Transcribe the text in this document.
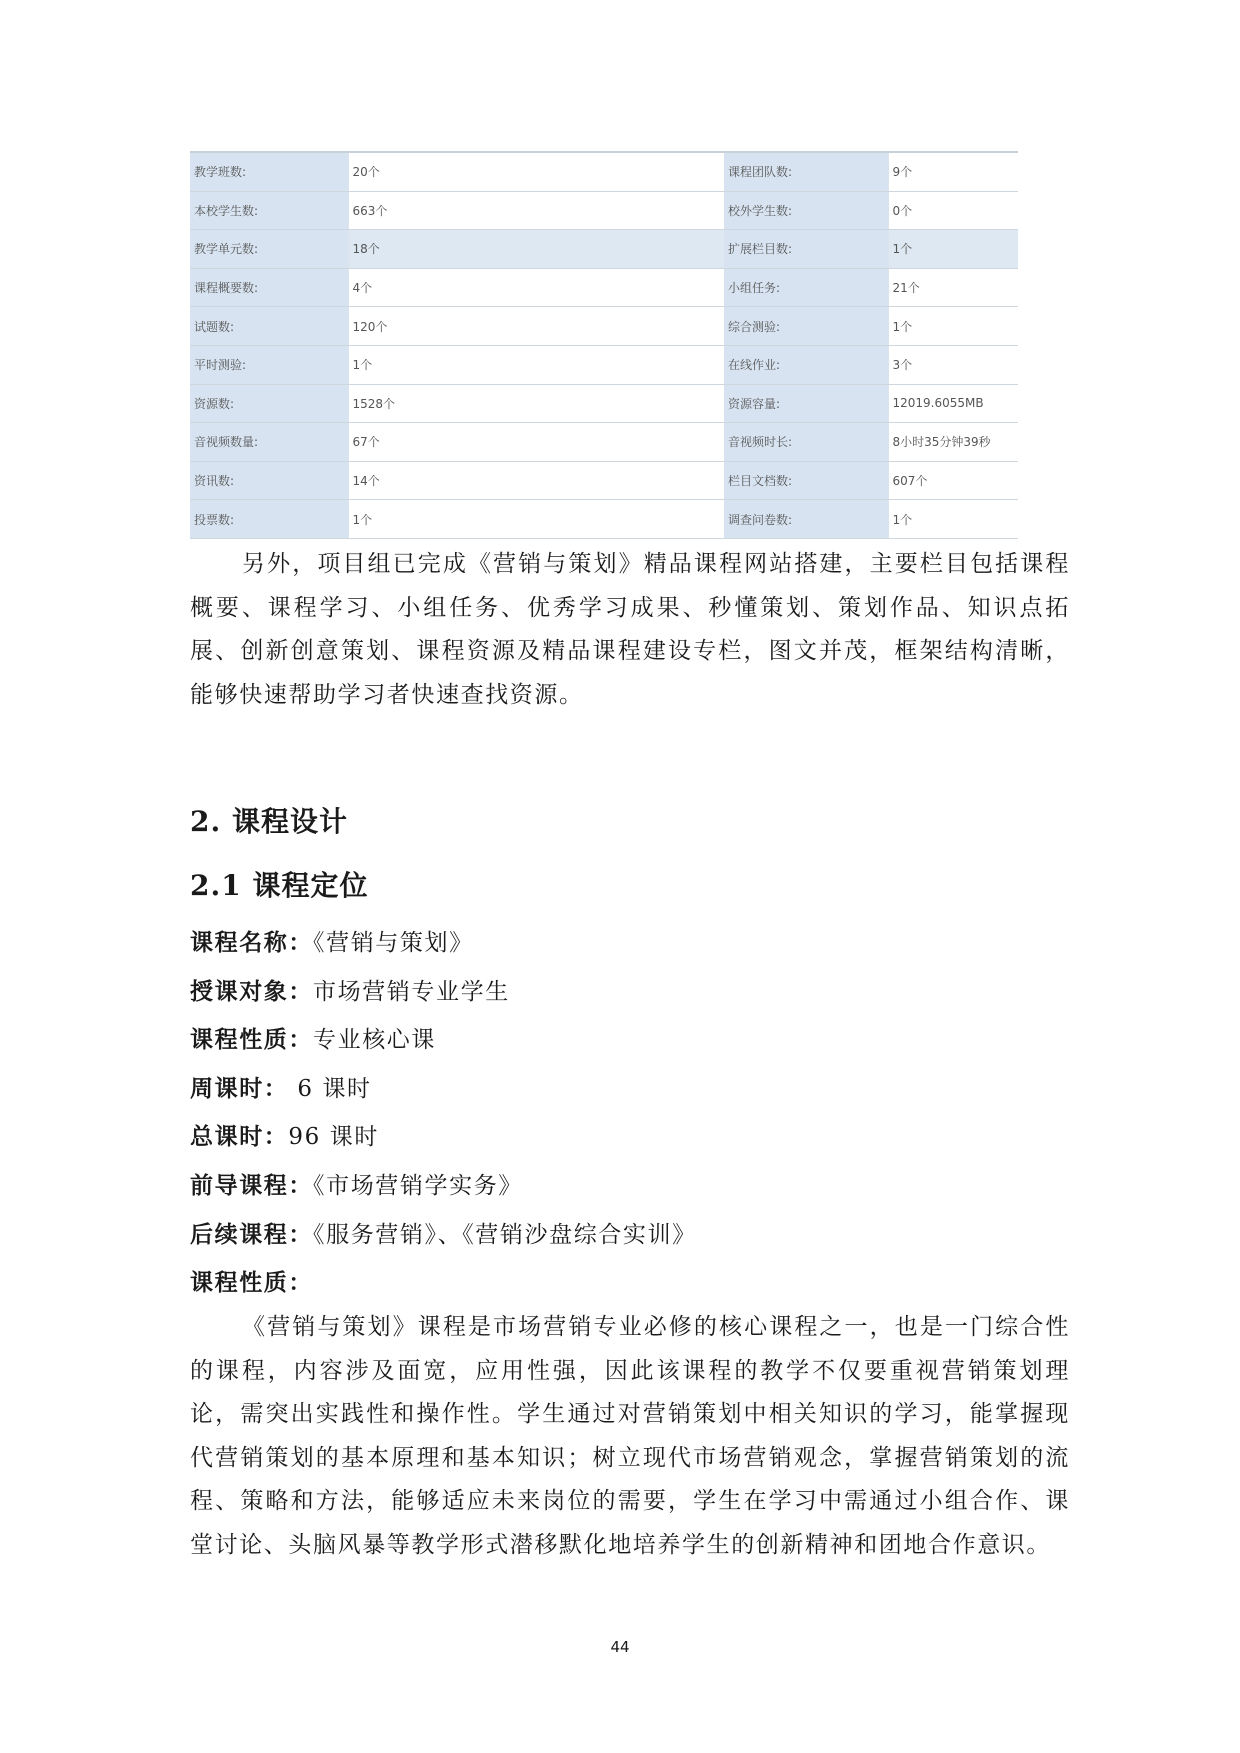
教学班数:	20个	课程团队数:	9个
本校学生数:	663个	校外学生数:	0个
教学单元数:	18个	扩展栏目数:	1个
课程概要数:	4个	小组任务:	21个
试题数:	120个	综合测验:	1个
平时测验:	1个	在线作业:	3个
资源数:	1528个	资源容量:	12019.6055MB
音视频数量:	67个	音视频时长:	8小时35分钟39秒
资讯数:	14个	栏目文档数:	607个
投票数:	1个	调查问卷数:	1个

另外，项目组已完成《营销与策划》精品课程网站搭建，主要栏目包括课程概要、课程学习、小组任务、优秀学习成果、秒懂策划、策划作品、知识点拓展、创新创意策划、课程资源及精品课程建设专栏，图文并茂，框架结构清晰，能够快速帮助学习者快速查找资源。

2. 课程设计
2.1 课程定位

课程名称：《营销与策划》

授课对象：市场营销专业学生

课程性质：专业核心课

周课时： 6 课时

总课时：96 课时

前导课程：《市场营销学实务》

后续课程：《服务营销》、《营销沙盘综合实训》

课程性质：

《营销与策划》课程是市场营销专业必修的核心课程之一，也是一门综合性的课程，内容涉及面宽，应用性强，因此该课程的教学不仅要重视营销策划理论，需突出实践性和操作性。学生通过对营销策划中相关知识的学习，能掌握现代营销策划的基本原理和基本知识；树立现代市场营销观念，掌握营销策划的流程、策略和方法，能够适应未来岗位的需要，学生在学习中需通过小组合作、课堂讨论、头脑风暴等教学形式潜移默化地培养学生的创新精神和团地合作意识。

44
